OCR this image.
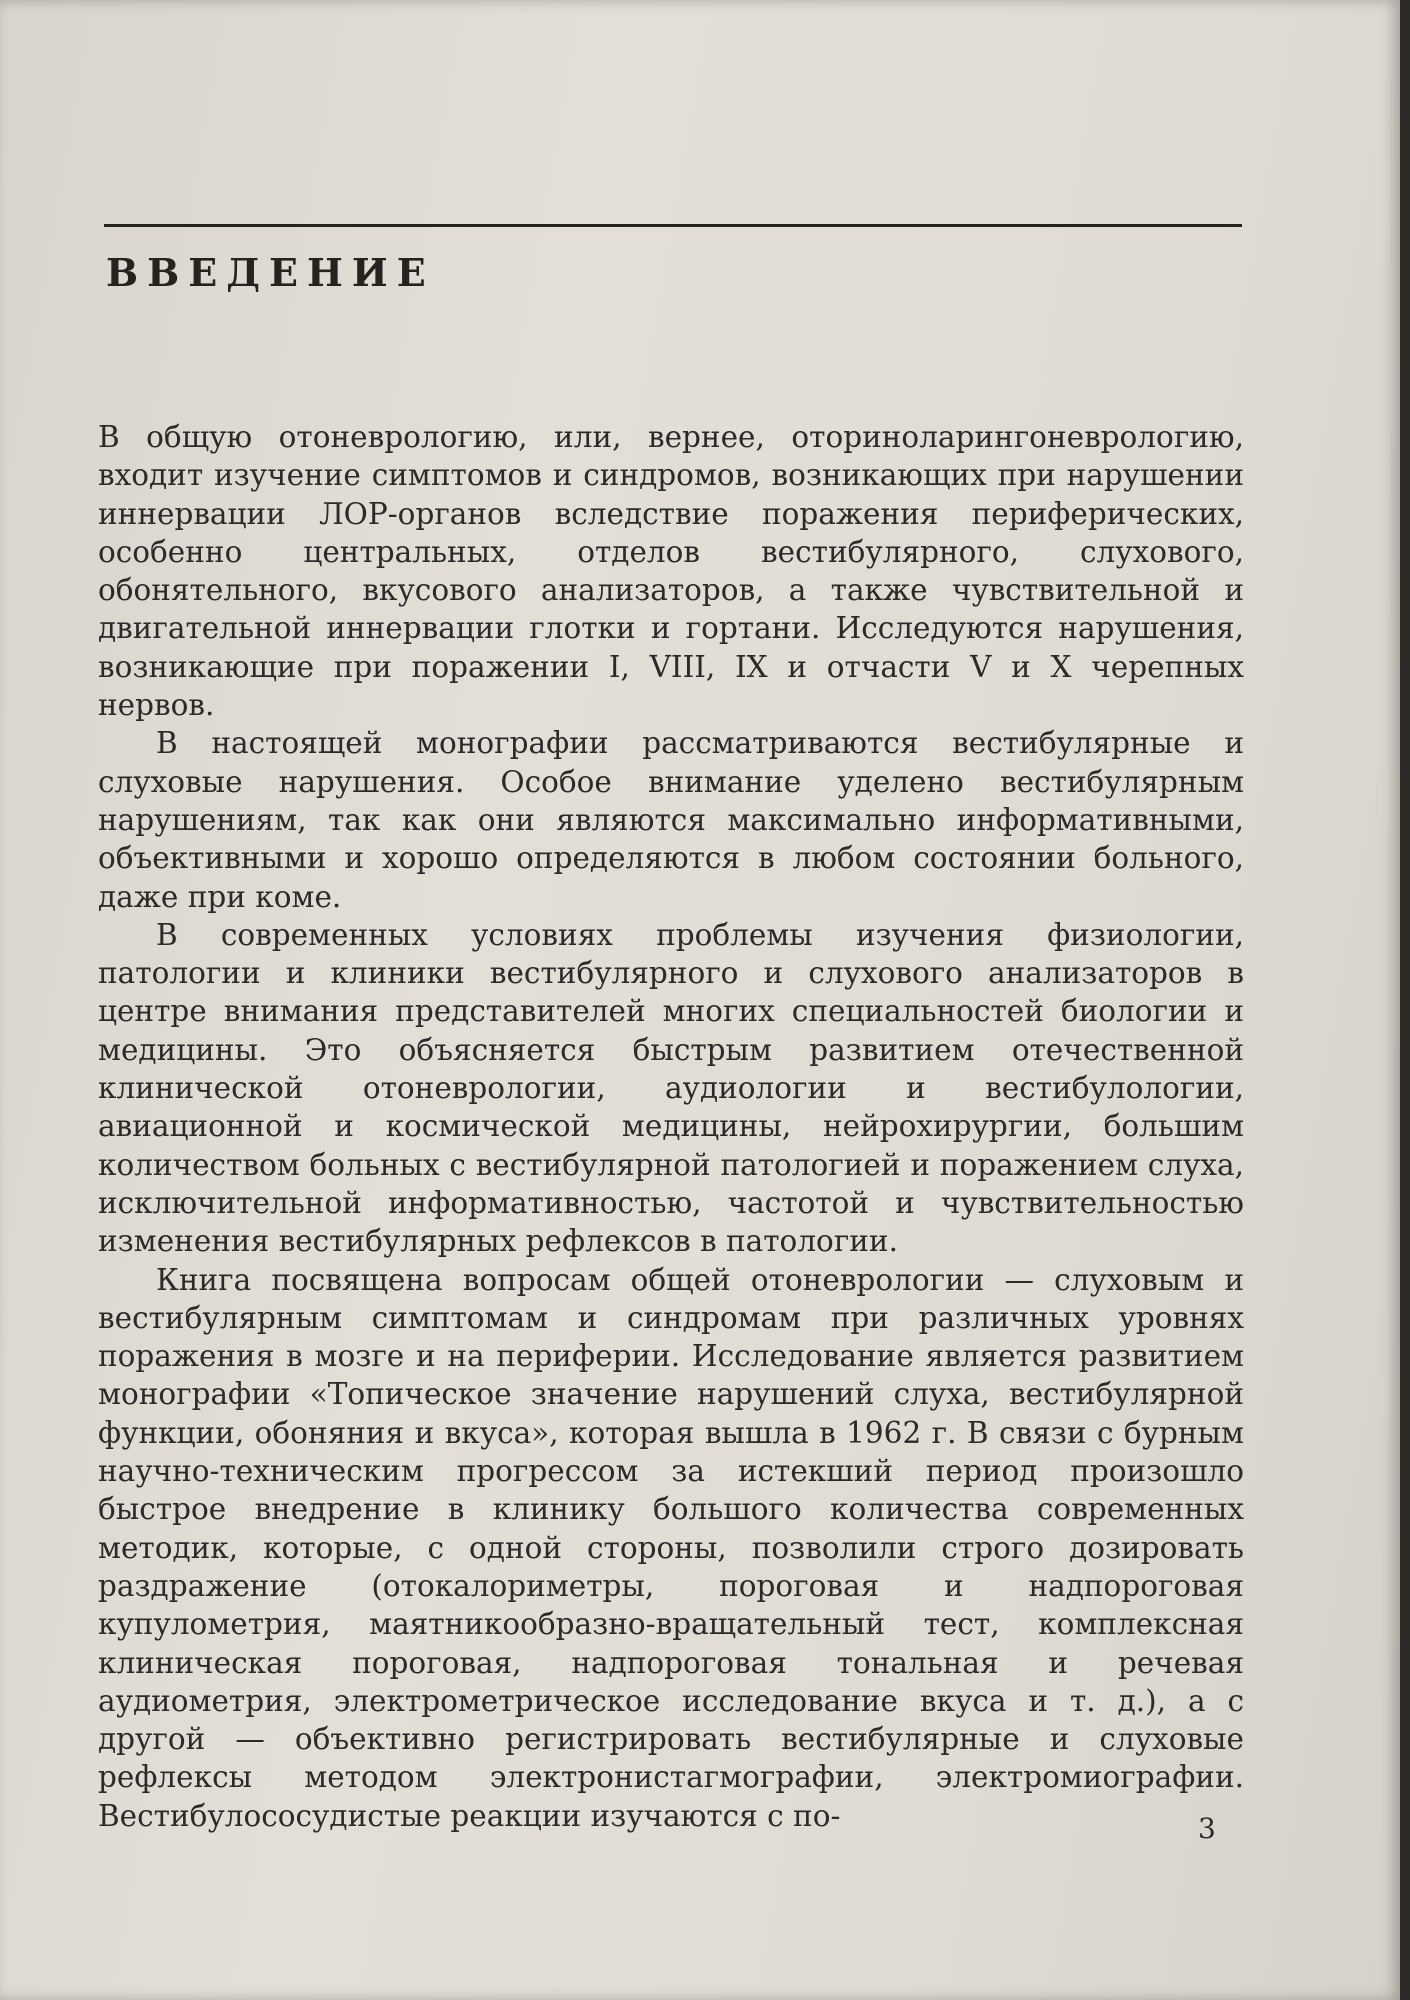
ВВЕДЕНИЕ

В общую отоневрологию, или, вернее, оториноларингоневрологию, входит изучение симптомов и синдромов, возникающих при нарушении иннервации ЛОР-органов вследствие поражения периферических, особенно центральных, отделов вестибулярного, слухового, обонятельного, вкусового анализаторов, а также чувствительной и двигательной иннервации глотки и гортани. Исследуются нарушения, возникающие при поражении I, VIII, IX и отчасти V и X черепных нервов.

В настоящей монографии рассматриваются вестибулярные и слуховые нарушения. Особое внимание уделено вестибулярным нарушениям, так как они являются максимально информативными, объективными и хорошо определяются в любом состоянии больного, даже при коме.

В современных условиях проблемы изучения физиологии, патологии и клиники вестибулярного и слухового анализаторов в центре внимания представителей многих специальностей биологии и медицины. Это объясняется быстрым развитием отечественной клинической отоневрологии, аудиологии и вестибулологии, авиационной и космической медицины, нейрохирургии, большим количеством больных с вестибулярной патологией и поражением слуха, исключительной информативностью, частотой и чувствительностью изменения вестибулярных рефлексов в патологии.

Книга посвящена вопросам общей отоневрологии — слуховым и вестибулярным симптомам и синдромам при различных уровнях поражения в мозге и на периферии. Исследование является развитием монографии «Топическое значение нарушений слуха, вестибулярной функции, обоняния и вкуса», которая вышла в 1962 г. В связи с бурным научно-техническим прогрессом за истекший период произошло быстрое внедрение в клинику большого количества современных методик, которые, с одной стороны, позволили строго дозировать раздражение (отокалориметры, пороговая и надпороговая купулометрия, маятникообразно-вращательный тест, комплексная клиническая пороговая, надпороговая тональная и речевая аудиометрия, электрометрическое исследование вкуса и т. д.), а с другой — объективно регистрировать вестибулярные и слуховые рефлексы методом электронистагмографии, электромиографии. Вестибулососудистые реакции изучаются с по-	3
